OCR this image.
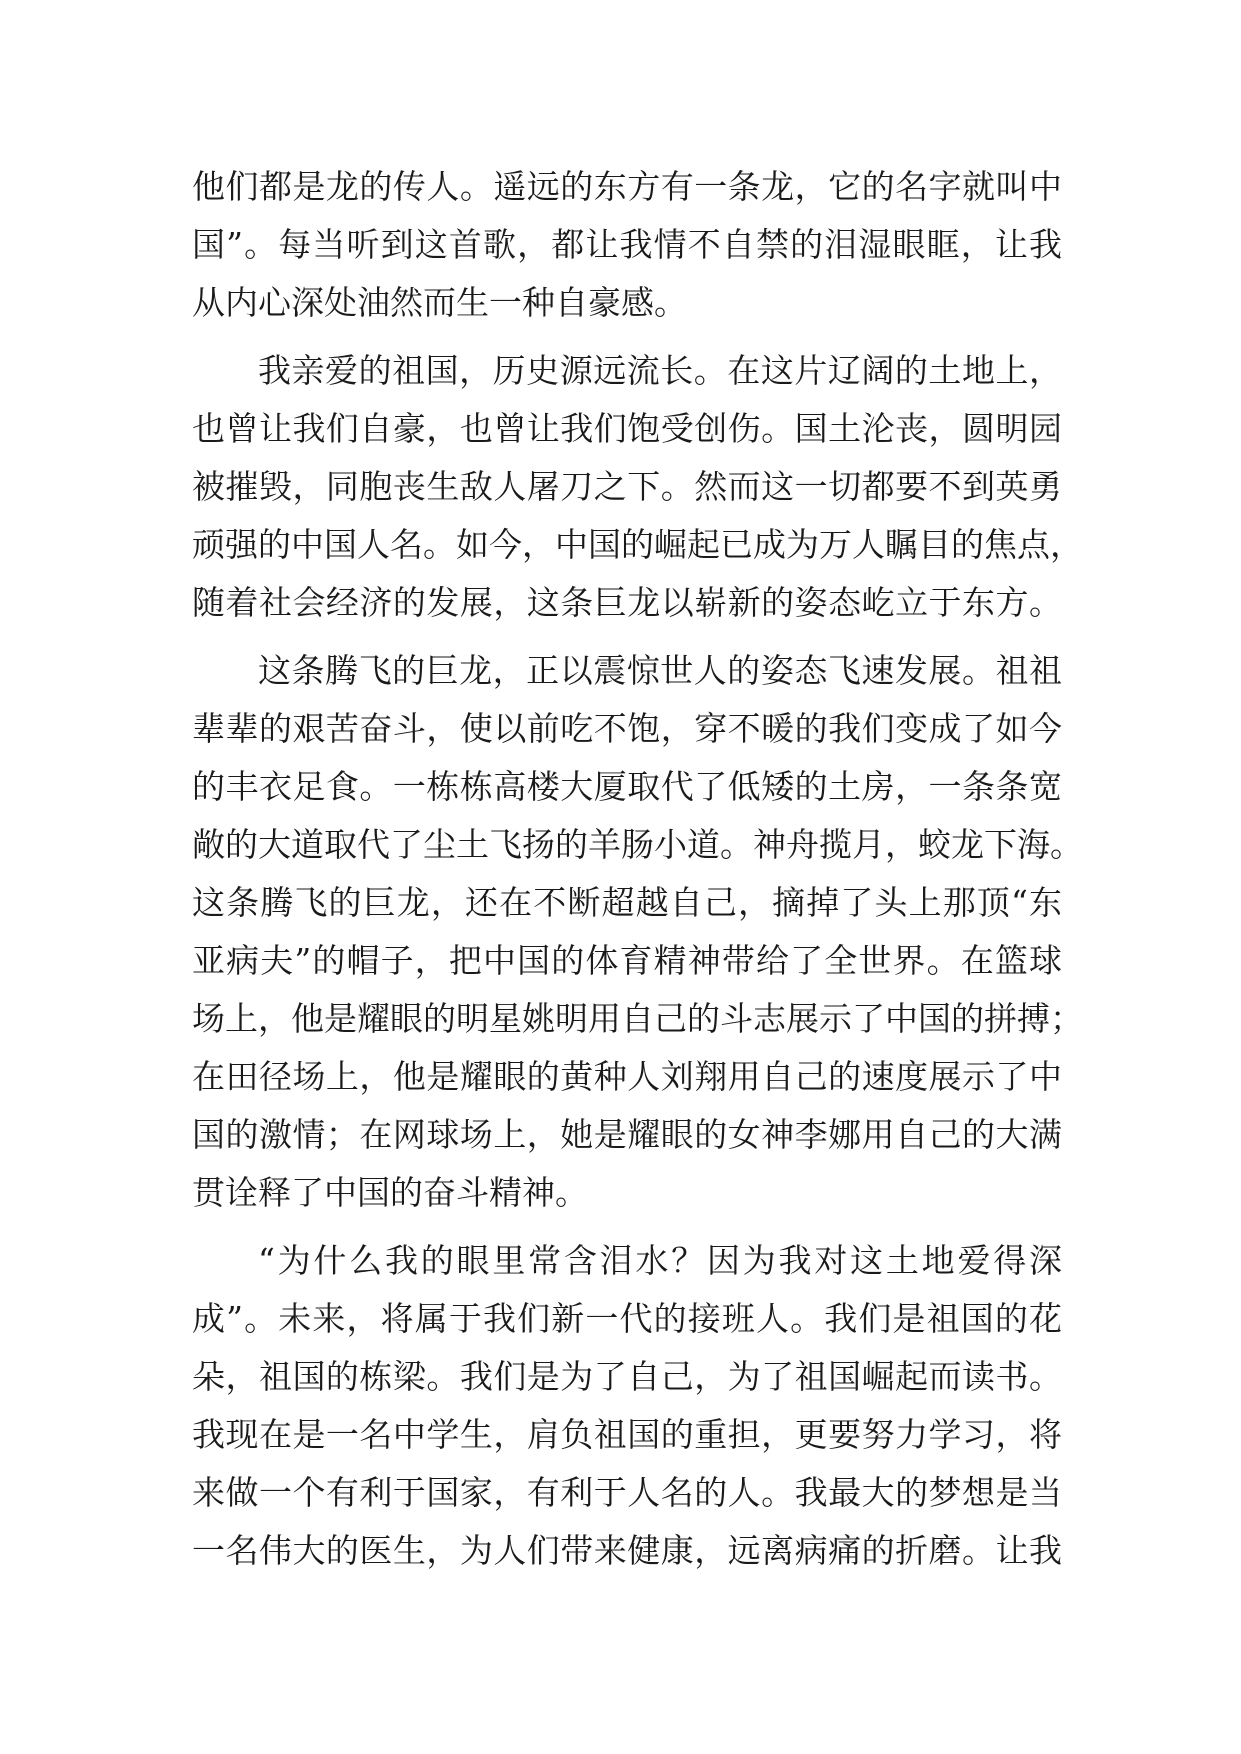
他们都是龙的传人。遥远的东方有一条龙，它的名字就叫中
国”。每当听到这首歌，都让我情不自禁的泪湿眼眶，让我
从内心深处油然而生一种自豪感。
我亲爱的祖国，历史源远流长。在这片辽阔的土地上，
也曾让我们自豪，也曾让我们饱受创伤。国土沦丧，圆明园
被摧毁，同胞丧生敌人屠刀之下。然而这一切都要不到英勇
顽强的中国人名。如今，中国的崛起已成为万人瞩目的焦点，
随着社会经济的发展，这条巨龙以崭新的姿态屹立于东方。
这条腾飞的巨龙，正以震惊世人的姿态飞速发展。祖祖
辈辈的艰苦奋斗，使以前吃不饱，穿不暖的我们变成了如今
的丰衣足食。一栋栋高楼大厦取代了低矮的土房，一条条宽
敞的大道取代了尘土飞扬的羊肠小道。神舟揽月，蛟龙下海。
这条腾飞的巨龙，还在不断超越自己，摘掉了头上那顶“东
亚病夫”的帽子，把中国的体育精神带给了全世界。在篮球
场上，他是耀眼的明星姚明用自己的斗志展示了中国的拼搏；
在田径场上，他是耀眼的黄种人刘翔用自己的速度展示了中
国的激情；在网球场上，她是耀眼的女神李娜用自己的大满
贯诠释了中国的奋斗精神。
“为什么我的眼里常含泪水？因为我对这土地爱得深
成”。未来，将属于我们新一代的接班人。我们是祖国的花
朵，祖国的栋梁。我们是为了自己，为了祖国崛起而读书。
我现在是一名中学生，肩负祖国的重担，更要努力学习，将
来做一个有利于国家，有利于人名的人。我最大的梦想是当
一名伟大的医生，为人们带来健康，远离病痛的折磨。让我
